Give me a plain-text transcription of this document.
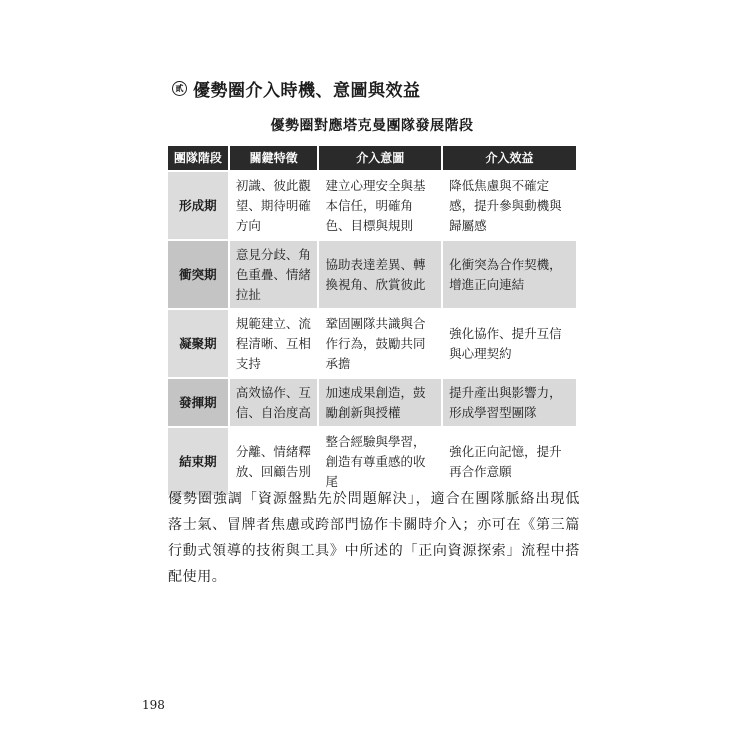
貳 優勢圈介入時機、意圖與效益
優勢圈對應塔克曼團隊發展階段
團隊階段	關鍵特徵	介入意圖	介入效益
形成期	初識、彼此觀望、期待明確方向	建立心理安全與基本信任，明確角色、目標與規則	降低焦慮與不確定感，提升參與動機與歸屬感
衝突期	意見分歧、角色重疊、情緒拉扯	協助表達差異、轉換視角、欣賞彼此	化衝突為合作契機，增進正向連結
凝聚期	規範建立、流程清晰、互相支持	鞏固團隊共識與合作行為，鼓勵共同承擔	強化協作、提升互信與心理契約
發揮期	高效協作、互信、自治度高	加速成果創造，鼓勵創新與授權	提升產出與影響力，形成學習型團隊
結束期	分離、情緒釋放、回顧告別	整合經驗與學習，創造有尊重感的收尾	強化正向記憶，提升再合作意願

優勢圈強調「資源盤點先於問題解決」，適合在團隊脈絡出現低落士氣、冒牌者焦慮或跨部門協作卡關時介入；亦可在《第三篇 行動式領導的技術與工具》中所述的「正向資源探索」流程中搭配使用。

198
